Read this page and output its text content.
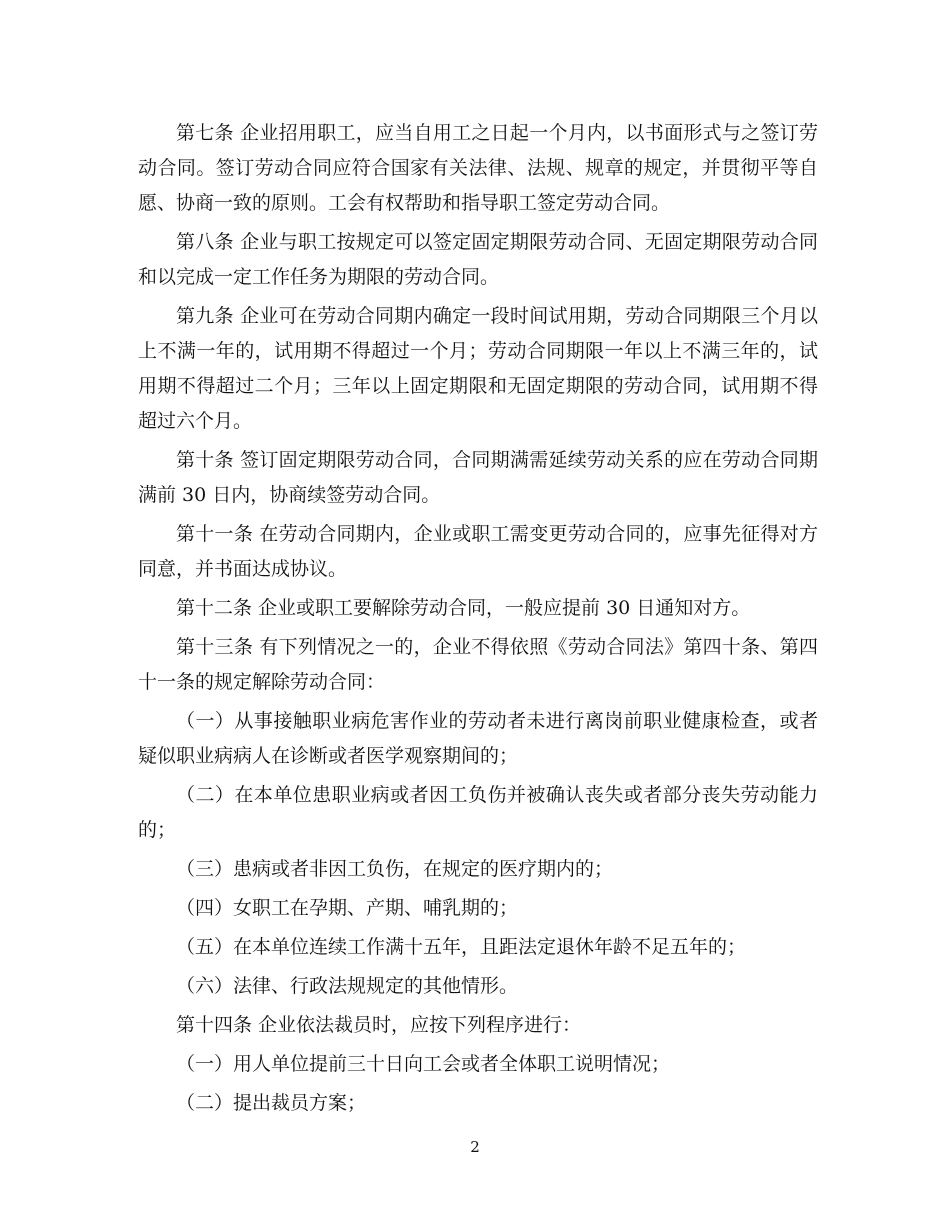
第七条 企业招用职工，应当自用工之日起一个月内，以书面形式与之签订劳动合同。签订劳动合同应符合国家有关法律、法规、规章的规定，并贯彻平等自愿、协商一致的原则。工会有权帮助和指导职工签定劳动合同。

第八条 企业与职工按规定可以签定固定期限劳动合同、无固定期限劳动合同和以完成一定工作任务为期限的劳动合同。

第九条 企业可在劳动合同期内确定一段时间试用期，劳动合同期限三个月以上不满一年的，试用期不得超过一个月；劳动合同期限一年以上不满三年的，试用期不得超过二个月；三年以上固定期限和无固定期限的劳动合同，试用期不得超过六个月。

第十条 签订固定期限劳动合同，合同期满需延续劳动关系的应在劳动合同期满前 30 日内，协商续签劳动合同。

第十一条 在劳动合同期内，企业或职工需变更劳动合同的，应事先征得对方同意，并书面达成协议。

第十二条 企业或职工要解除劳动合同，一般应提前 30 日通知对方。

第十三条 有下列情况之一的，企业不得依照《劳动合同法》第四十条、第四十一条的规定解除劳动合同：

（一）从事接触职业病危害作业的劳动者未进行离岗前职业健康检查，或者疑似职业病病人在诊断或者医学观察期间的；

（二）在本单位患职业病或者因工负伤并被确认丧失或者部分丧失劳动能力的；

（三）患病或者非因工负伤，在规定的医疗期内的；

（四）女职工在孕期、产期、哺乳期的；

（五）在本单位连续工作满十五年，且距法定退休年龄不足五年的；

（六）法律、行政法规规定的其他情形。

第十四条 企业依法裁员时，应按下列程序进行：

（一）用人单位提前三十日向工会或者全体职工说明情况；

（二）提出裁员方案；

2
